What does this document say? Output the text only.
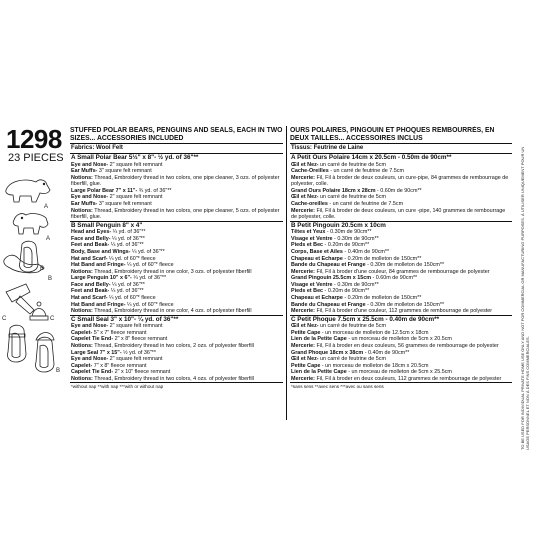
1298
23 PIECES
A
A
B
B
C	C
B
STUFFED POLAR BEARS, PENGUINS AND SEALS, EACH IN TWO SIZES... ACCESSORIES INCLUDED
Fabrics: Wool Felt
A Small Polar Bear 5½" x 8"- ½ yd. of 36"**
Eye and Nose- 2" square felt remnant
Ear Muffs- 3" square felt remnant
Notions: Thread, Embroidery thread in two colors, one pipe cleaner, 3 ozs. of polyester fiberfill, glue.
Large Polar Bear 7" x 11"- ¾ yd. of 36"**
Eye and Nose- 2" square felt remnant
Ear Muffs- 3" square felt remnant
Notions: Thread, Embroidery thread in two colors, one pipe cleaner, 5 ozs. of polyester fiberfill, glue.
B Small Penguin 8" x 4"
Head and Eyes- ¼ yd. of 36"**
Face and Belly- ¼ yd. of 36"**
Feet and Beak- ¼ yd. of 36"**
Body, Base and Wings- ¼ yd. of 36"**
Hat and Scarf- ¼ yd. of 60"* fleece
Hat Band and Fringe- ¼ yd. of 60"* fleece
Notions: Thread, Embroidery thread in one color, 3 ozs. of polyester fiberfill
Large Penguin 10" x 6"- ¼ yd. of 36"**
Face and Belly- ¼ yd. of 36"**
Feet and Beak- ¼ yd. of 36"**
Hat and Scarf- ¼ yd. of 60"* fleece
Hat Band and Fringe- ¼ yd. of 60"* fleece
Notions: Thread, Embroidery thread in one color, 4 ozs. of polyester fiberfill
C Small Seal 3" x 10"- ¼ yd. of 36"**
Eye and Nose- 2" square felt remnant
Capelet- 5" x 7" fleece remnant
Capelet Tie End- 2" x 8" fleece remnant
Notions: Thread, Embroidery thread in two colors, 2 ozs. of polyester fiberfill
Large Seal 7" x 15"- ½ yd. of 36"**
Eye and Nose- 2" square felt remnant
Capelet- 7" x 8" fleece remnant
Capelet Tie End- 2" x 10" fleece remnant
Notions: Thread, Embroidery thread in two colors, 4 ozs. of polyester fiberfill
*without nap **with nap ***with or without nap
OURS POLAIRES, PINGOUIN ET PHOQUES REMBOURRÉS, EN DEUX TAILLES... ACCESSOIRES INCLUS
Tissus: Feutrine de Laine
A Petit Ours Polaire 14cm x 20.5cm - 0.50m de 90cm**
Œil et Nez- un carré de feutrine de 5cm
Cache-Oreilles - un carré de feutrine de 7.5cm
Mercerie: Fil, Fil à broder de deux couleurs, un cure-pipe, 84 grammes de rembourrage de polyester, colle.
Grand Ours Polaire 18cm x 28cm - 0.60m de 90cm**
Œil et Nez- un carré de feutrine de 5cm
Cache-oreilles - un carré de feutrine de 7.5cm
Mercerie: Fil, Fil à broder de deux couleurs, un cure -pipe, 140 grammes de rembourrage de polyester, colle.
B Petit Pingouin 20.5cm x 10cm
Têtes et Yeux - 0.30m de 90cm**
Visage et Ventre - 0.30m de 90cm**
Pieds et Bec - 0.20m de 90cm**
Corps, Base et Ailes - 0.40m de 90cm**
Chapeau et Écharpe - 0.20m de molleton de 150cm**
Bande du Chapeau et Frange - 0.30m de molleton de 150cm**
Mercerie: Fil, Fil à broder d'une couleur, 84 grammes de rembourrage de polyester
Grand Pingouin 25.5cm x 15cm - 0.60m de 90cm**
Visage et Ventre - 0.30m de 90cm**
Pieds et Bec - 0.20m de 90cm**
Chapeau et Écharpe - 0.20m de molleton de 150cm**
Bande du Chapeau et Frange - 0.30m de molleton de 150cm**
Mercerie: Fil, Fil à broder d'une couleur, 112 grammes de rembourrage de polyester
C Petit Phoque 7.5cm x 25.5cm - 0.40m de 90cm**
Œil et Nez- un carré de feutrine de 5cm
Petite Cape - un morceau de molleton de 12.5cm x 18cm
Lien de la Petite Cape - un morceau de molleton de 5cm x 20.5cm
Mercerie: Fil, Fil à broder en deux couleurs, 56 grammes de rembourrage de polyester
Grand Phoque 18cm x 38cm - 0.40m de 90cm**
Œil et Nez- un carré de feutrine de 5cm
Petite Cape - un morceau de molleton de 18cm x 20.5cm
Lien de la Petite Cape - un morceau de molleton de 5cm x 25.5cm
Mercerie: Fil, Fil à broder en deux couleurs, 112 grammes de rembourrage de polyester
*sans sens **avec sens ***avec ou sans sens	TO BE USED FOR INDIVIDUAL PRIVATE HOME USE ONLY AND NOT FOR COMMERCIAL OR MANUFACTURING PURPOSES. À UTILISER UNIQUEMENT POUR UN USAGE PERSONNEL ET NON À DES FINS COMMERCIALES.
